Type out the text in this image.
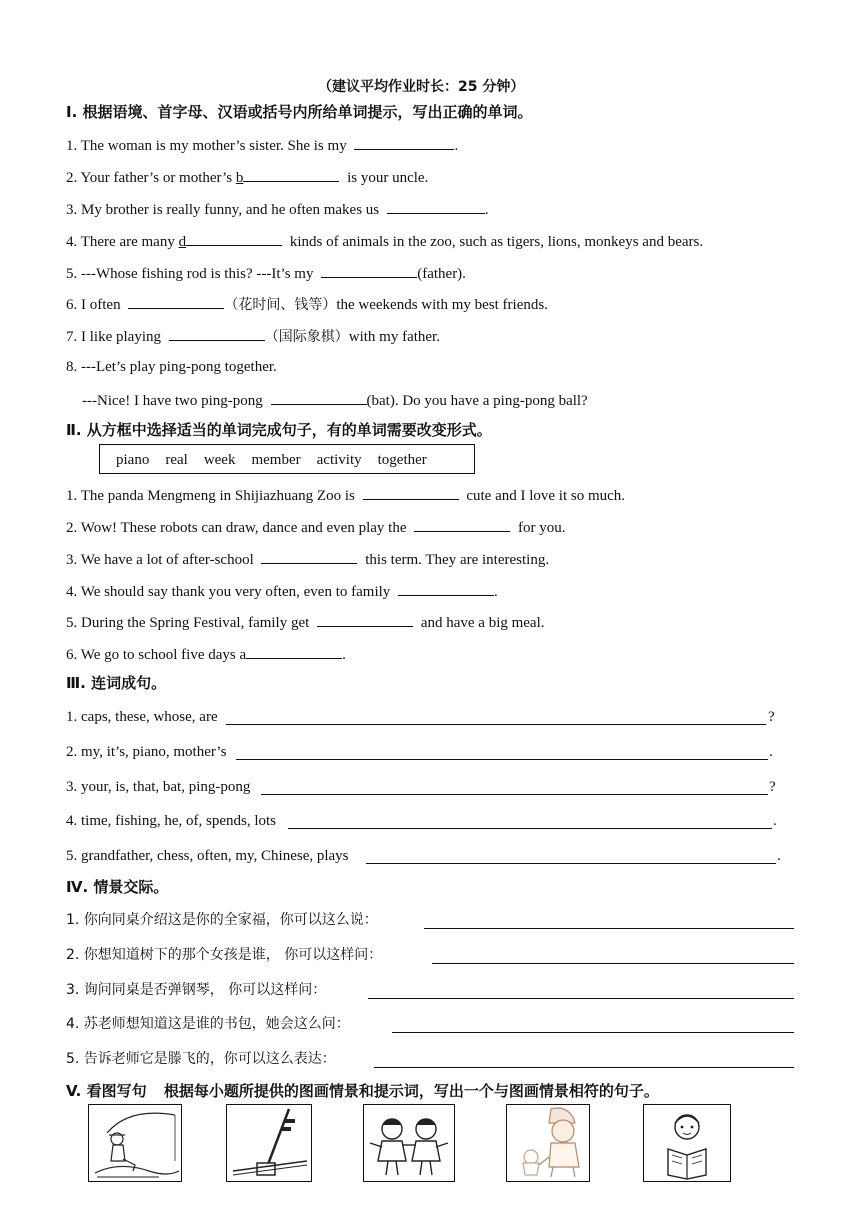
（建议平均作业时长：25 分钟）
Ⅰ. 根据语境、首字母、汉语或括号内所给单词提示，写出正确的单词。
1. The woman is my mother’s sister. She is my	.
2. Your father’s or mother’s b	is your uncle.
3. My brother is really funny, and he often makes us	.
4. There are many d	kinds of animals in the zoo, such as tigers, lions, monkeys and bears.
5. ---Whose fishing rod is this? ---It’s my	(father).
6. I often	（花时间、钱等）the weekends with my best friends.
7. I like playing	（国际象棋）with my father.
8. ---Let’s play ping-pong together.
---Nice! I have two ping-pong	(bat). Do you have a ping-pong ball?
Ⅱ. 从方框中选择适当的单词完成句子，有的单词需要改变形式。
piano real week member activity together
1. The panda Mengmeng in Shijiazhuang Zoo is	cute and I love it so much.
2. Wow! These robots can draw, dance and even play the	for you.
3. We have a lot of after-school	this term. They are interesting.
4. We should say thank you very often, even to family	.
5. During the Spring Festival, family get	and have a big meal.
6. We go to school five days a	.
Ⅲ. 连词成句。
1. caps, these, whose, are	?
2. my, it’s, piano, mother’s	.
3. your, is, that, bat, ping-pong	?
4. time, fishing, he, of, spends, lots	.
5. grandfather, chess, often, my, Chinese, plays	.
Ⅳ. 情景交际。
1. 你向同桌介绍这是你的全家福，你可以这么说：
2. 你想知道树下的那个女孩是谁， 你可以这样问：
3. 询问同桌是否弹钢琴， 你可以这样问：
4. 苏老师想知道这是谁的书包，她会这么问：
5. 告诉老师它是滕飞的，你可以这么表达：
V. 看图写句 根据每小题所提供的图画情景和提示词，写出一个与图画情景相符的句子。
